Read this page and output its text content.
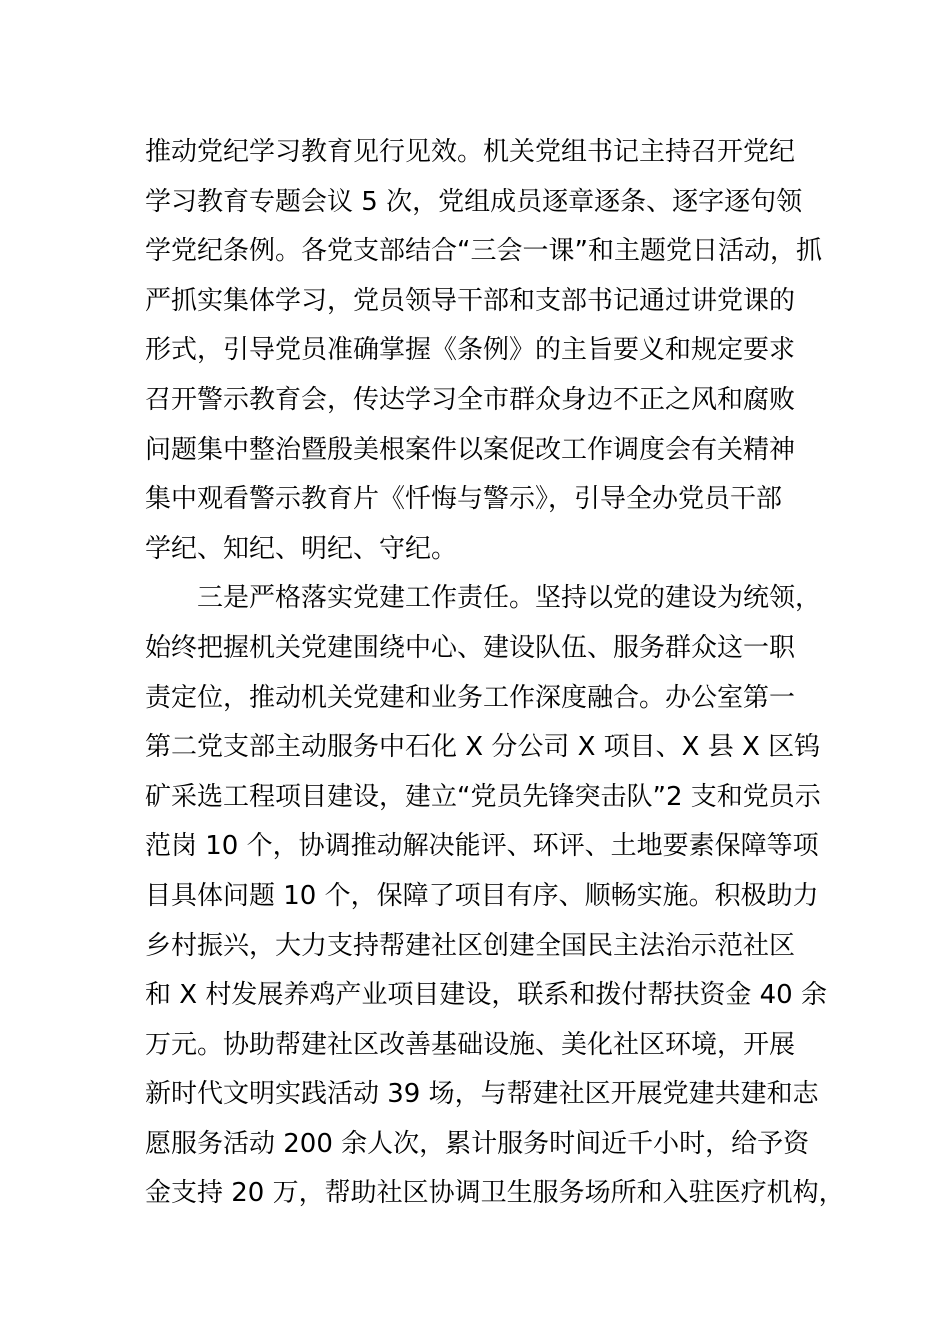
推动党纪学习教育见行见效。机关党组书记主持召开党纪
学习教育专题会议 5 次，党组成员逐章逐条、逐字逐句领
学党纪条例。各党支部结合“三会一课”和主题党日活动，抓
严抓实集体学习，党员领导干部和支部书记通过讲党课的
形式，引导党员准确掌握《条例》的主旨要义和规定要求
召开警示教育会，传达学习全市群众身边不正之风和腐败
问题集中整治暨殷美根案件以案促改工作调度会有关精神
集中观看警示教育片《忏悔与警示》，引导全办党员干部
学纪、知纪、明纪、守纪。
三是严格落实党建工作责任。坚持以党的建设为统领，
始终把握机关党建围绕中心、建设队伍、服务群众这一职
责定位，推动机关党建和业务工作深度融合。办公室第一
第二党支部主动服务中石化 X 分公司 X 项目、X 县 X 区钨
矿采选工程项目建设，建立“党员先锋突击队”2 支和党员示
范岗 10 个，协调推动解决能评、环评、土地要素保障等项
目具体问题 10 个，保障了项目有序、顺畅实施。积极助力
乡村振兴，大力支持帮建社区创建全国民主法治示范社区
和 X 村发展养鸡产业项目建设，联系和拨付帮扶资金 40 余
万元。协助帮建社区改善基础设施、美化社区环境，开展
新时代文明实践活动 39 场，与帮建社区开展党建共建和志
愿服务活动 200 余人次，累计服务时间近千小时，给予资
金支持 20 万，帮助社区协调卫生服务场所和入驻医疗机构，
